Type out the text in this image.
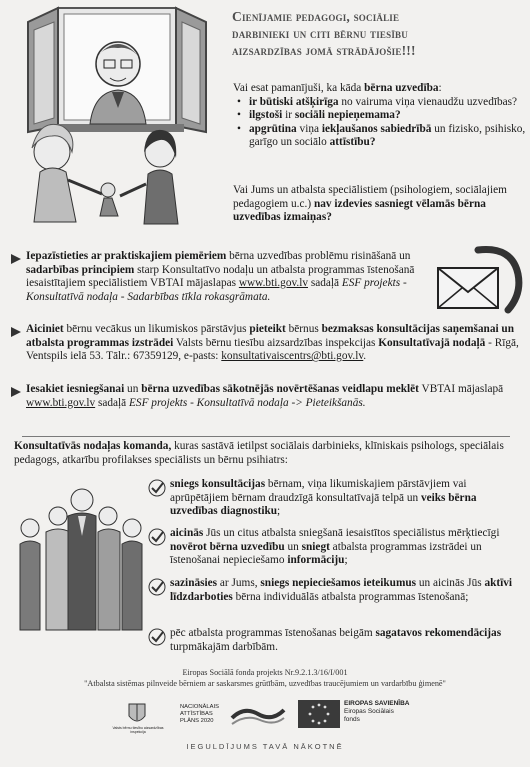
Cienījamie pedagogi, sociālie
darbinieki un citi bērnu tiesību
aizsardzības jomā strādājošie!!!
Vai esat pamanījuši, ka kāda bērna uzvedība:
• ir būtiski atšķirīga no vairuma viņa vienaudžu uzvedības?
• ilgstoši ir sociāli nepieņemama?
• apgrūtina viņa iekļaušanos sabiedrībā un fizisko, psihisko, garīgo un sociālo attīstību?
Vai Jums un atbalsta speciālistiem (psihologiem, sociālajiem pedagogiem u.c.) nav izdevies sasniegt vēlamās bērna uzvedības izmaiņas?
Iepazīstieties ar praktiskajiem piemēriem bērna uzvedības problēmu risināšanā un sadarbības principiem starp Konsultatīvo nodaļu un atbalsta programmas īstenošanā iesaistītajiem speciālistiem VBTAI mājaslapas www.bti.gov.lv sadaļā ESF projekts - Konsultatīvā nodaļa - Sadarbības tīkla rokasgrāmata.
Aiciniet bērnu vecākus un likumiskos pārstāvjus pieteikt bērnus bezmaksas konsultācijas saņemšanai un atbalsta programmas izstrādei Valsts bērnu tiesību aizsardzības inspekcijas Konsultatīvajā nodaļā - Rīgā, Ventspils ielā 53. Tālr.: 67359129, e-pasts: konsultativaiscentrs@bti.gov.lv.
Iesakiet iesniegšanai un bērna uzvedības sākotnējās novērtēšanas veidlapu meklēt VBTAI mājaslapā www.bti.gov.lv sadaļā ESF projekts - Konsultatīvā nodaļa -> Pieteikšanās.
Konsultatīvās nodaļas komanda, kuras sastāvā ietilpst sociālais darbinieks, klīniskais psihologs, speciālais pedagogs, atkarību profilakses speciālists un bērnu psihiatrs:
sniegs konsultācijas bērnam, viņa likumiskajiem pārstāvjiem vai aprūpētājiem bērnam draudzīgā konsultatīvajā telpā un veiks bērna uzvedības diagnostiku;
aicinās Jūs un citus atbalsta sniegšanā iesaistītos speciālistus mērķtiecīgi novērot bērna uzvedību un sniegt atbalsta programmas izstrādei un īstenošanai nepieciešamo informāciju;
sazināsies ar Jums, sniegs nepieciešamos ieteikumus un aicinās Jūs aktīvi līdzdarboties bērna individuālās atbalsta programmas īstenošanā;
pēc atbalsta programmas īstenošanas beigām sagatavos rekomendācijas turpmākajām darbībām.
Eiropas Sociālā fonda projekts Nr.9.2.1.3/16/I/001
"Atbalsta sistēmas pilnveide bērniem ar saskarsmes grūtībām, uzvedības traucējumiem un vardarbību ģimenē"
Valsts bērnu tiesību aizsardzības inspekcija
NACIONĀLAIS
ATTĪSTĪBAS
PLĀNS 2020
EIROPAS SAVIENĪBA
Eiropas Sociālais
fonds
IEGULDĪJUMS TAVĀ NĀKOTNĒ
